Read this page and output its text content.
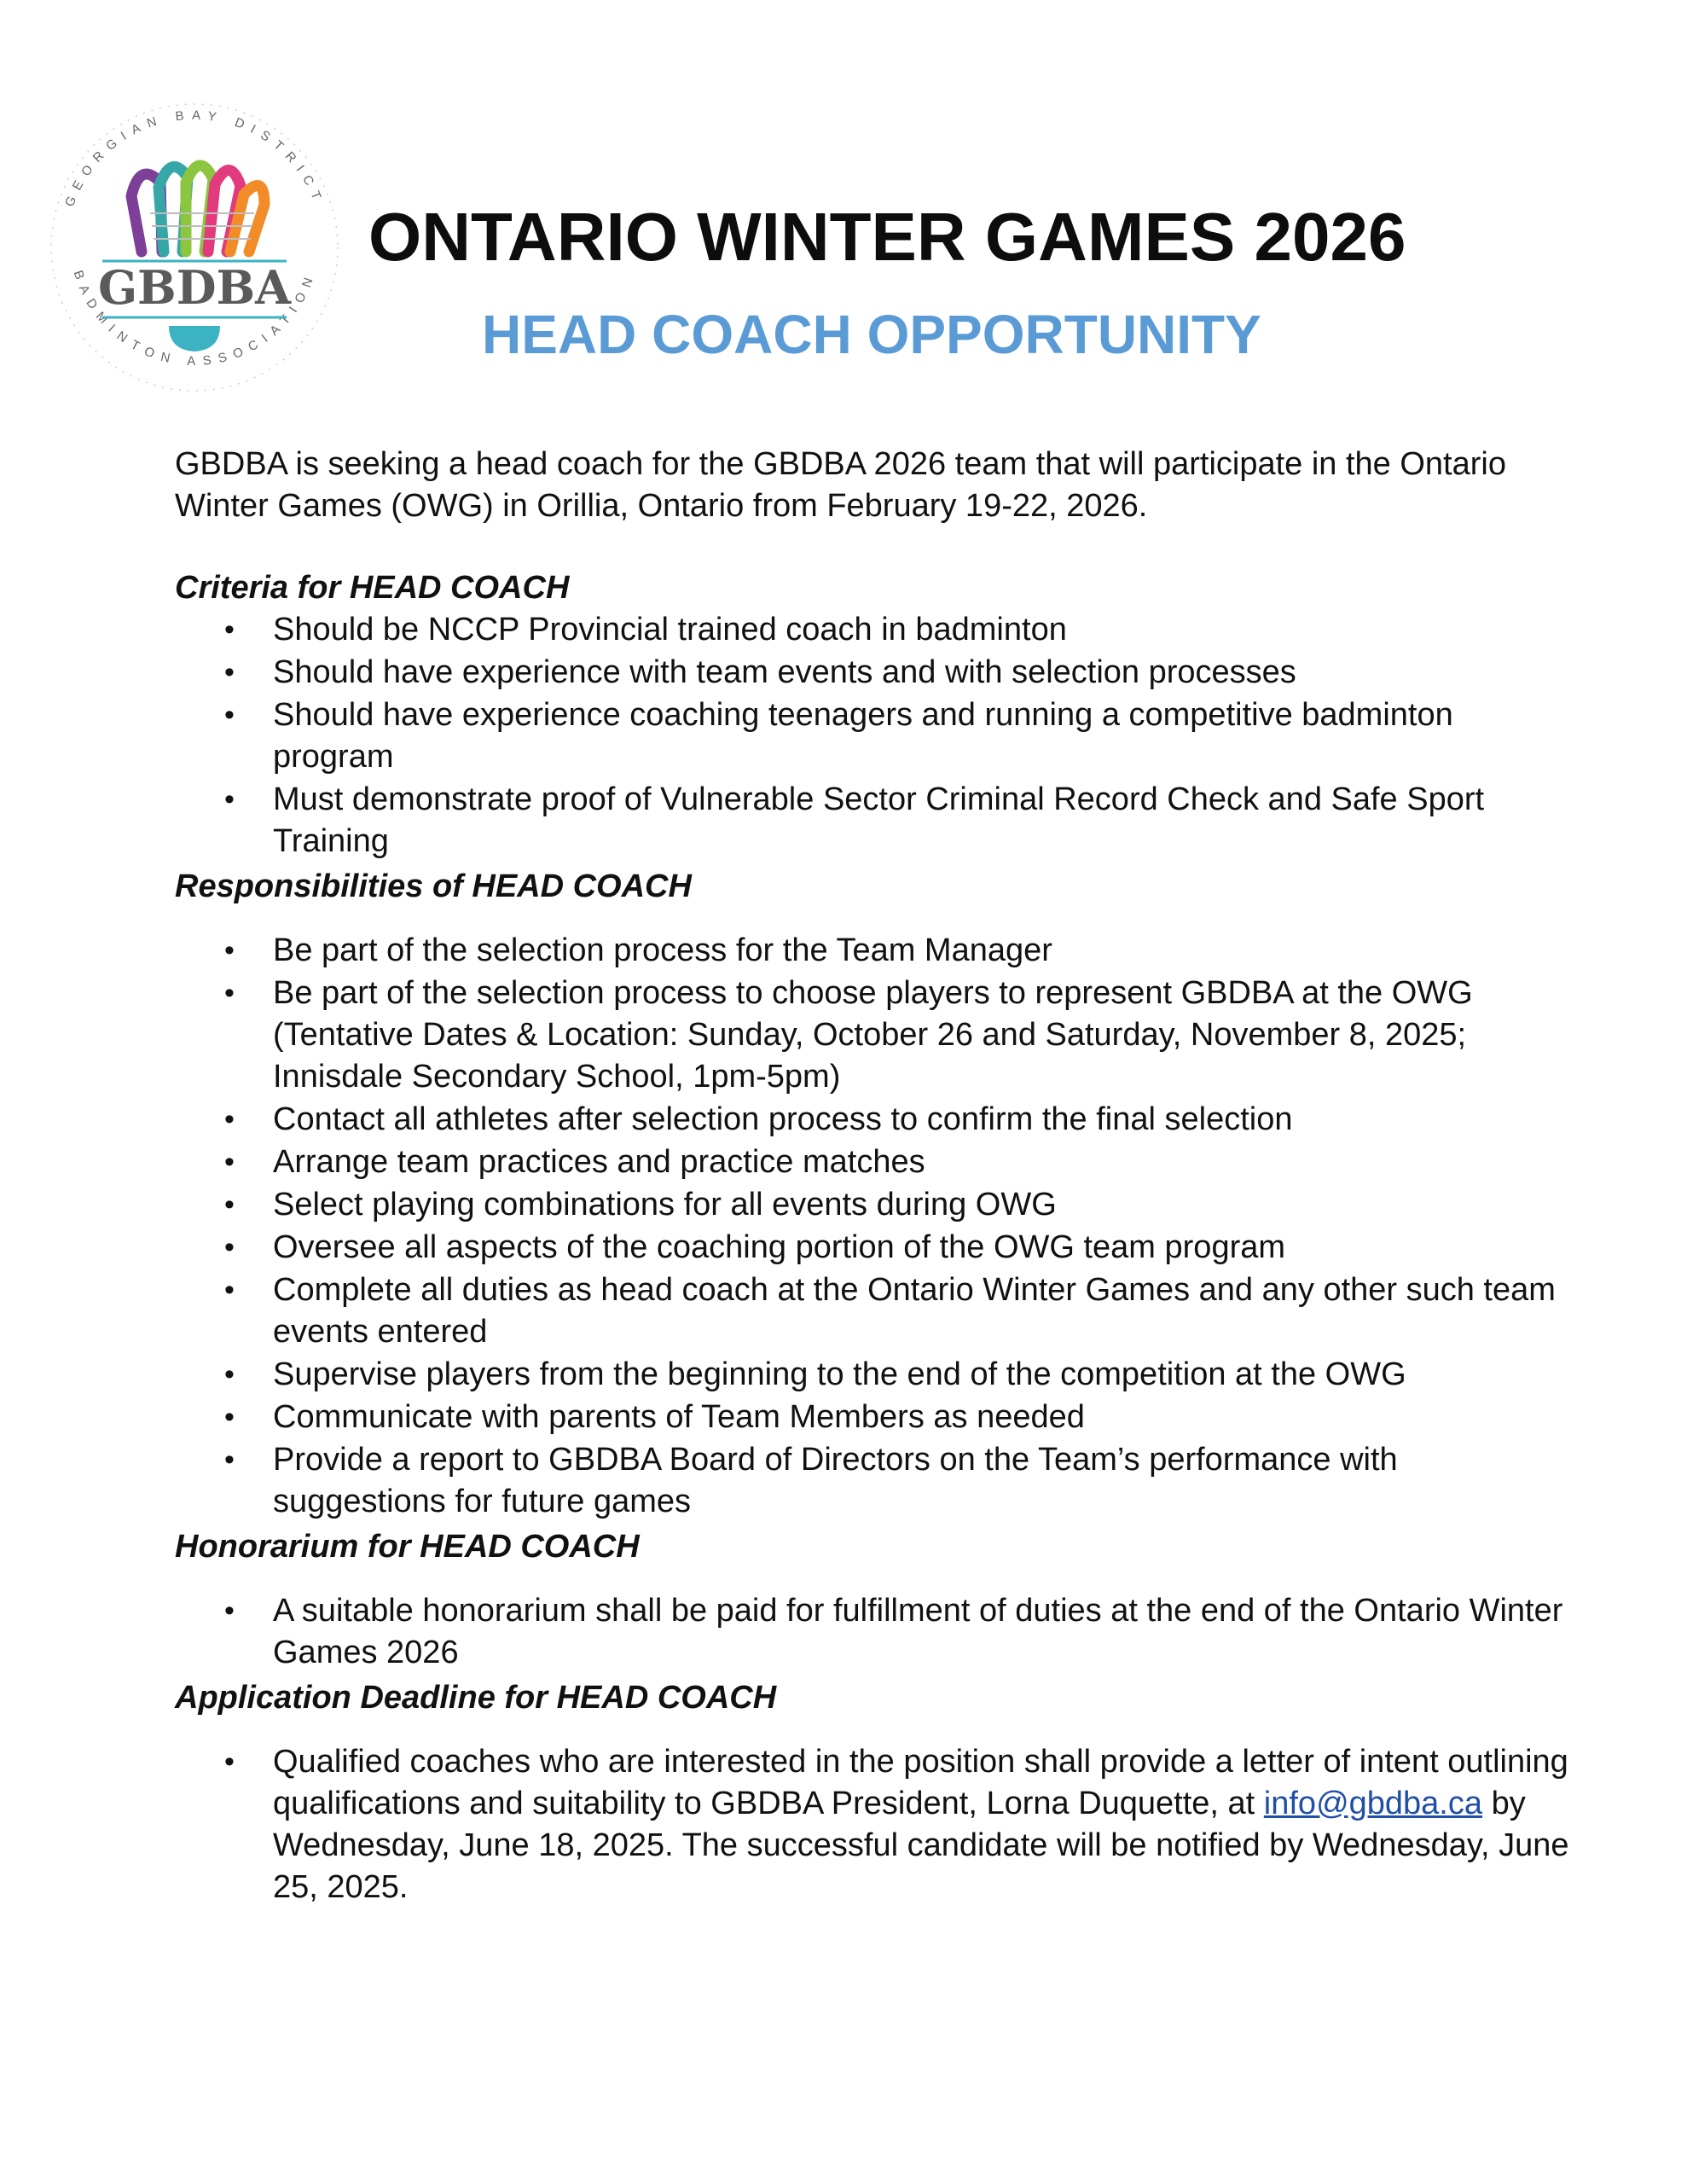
GEORGIAN BAY DISTRICT
BADMINTON ASSOCIATION
GBDBA
ONTARIO WINTER GAMES 2026
HEAD COACH OPPORTUNITY

GBDBA is seeking a head coach for the GBDBA 2026 team that will participate in the Ontario Winter Games (OWG) in Orillia, Ontario from February 19-22, 2026.

Criteria for HEAD COACH

• Should be NCCP Provincial trained coach in badminton
• Should have experience with team events and with selection processes
• Should have experience coaching teenagers and running a competitive badminton program
• Must demonstrate proof of Vulnerable Sector Criminal Record Check and Safe Sport Training

Responsibilities of HEAD COACH

• Be part of the selection process for the Team Manager
• Be part of the selection process to choose players to represent GBDBA at the OWG (Tentative Dates & Location: Sunday, October 26 and Saturday, November 8, 2025; Innisdale Secondary School, 1pm-5pm)
• Contact all athletes after selection process to confirm the final selection
• Arrange team practices and practice matches
• Select playing combinations for all events during OWG
• Oversee all aspects of the coaching portion of the OWG team program
• Complete all duties as head coach at the Ontario Winter Games and any other such team events entered
• Supervise players from the beginning to the end of the competition at the OWG
• Communicate with parents of Team Members as needed
• Provide a report to GBDBA Board of Directors on the Team’s performance with suggestions for future games

Honorarium for HEAD COACH

• A suitable honorarium shall be paid for fulfillment of duties at the end of the Ontario Winter Games 2026

Application Deadline for HEAD COACH

• Qualified coaches who are interested in the position shall provide a letter of intent outlining qualifications and suitability to GBDBA President, Lorna Duquette, at info@gbdba.ca by Wednesday, June 18, 2025. The successful candidate will be notified by Wednesday, June 25, 2025.
